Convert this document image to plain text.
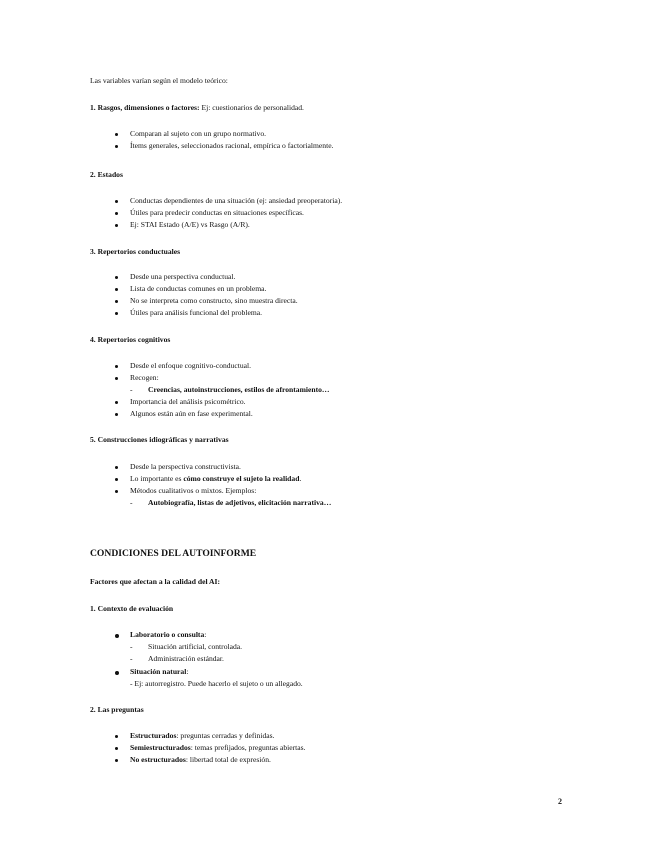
Las variables varían según el modelo teórico:
1. Rasgos, dimensiones o factores: Ej: cuestionarios de personalidad.
Comparan al sujeto con un grupo normativo.
Ítems generales, seleccionados racional, empírica o factorialmente.
2. Estados
Conductas dependientes de una situación (ej: ansiedad preoperatoria).
Útiles para predecir conductas en situaciones específicas.
Ej: STAI Estado (A/E) vs Rasgo (A/R).
3. Repertorios conductuales
Desde una perspectiva conductual.
Lista de conductas comunes en un problema.
No se interpreta como constructo, sino muestra directa.
Útiles para análisis funcional del problema.
4. Repertorios cognitivos
Desde el enfoque cognitivo-conductual.
Recogen:
- Creencias, autoinstrucciones, estilos de afrontamiento…
Importancia del análisis psicométrico.
Algunos están aún en fase experimental.
5. Construcciones idiográficas y narrativas
Desde la perspectiva constructivista.
Lo importante es cómo construye el sujeto la realidad.
Métodos cualitativos o mixtos. Ejemplos:
- Autobiografía, listas de adjetivos, elicitación narrativa…
CONDICIONES DEL AUTOINFORME
Factores que afectan a la calidad del AI:
1. Contexto de evaluación
Laboratorio o consulta:
- Situación artificial, controlada.
- Administración estándar.
Situación natural:
- Ej: autorregistro. Puede hacerlo el sujeto o un allegado.
2. Las preguntas
Estructurados: preguntas cerradas y definidas.
Semiestructurados: temas prefijados, preguntas abiertas.
No estructurados: libertad total de expresión.
2
